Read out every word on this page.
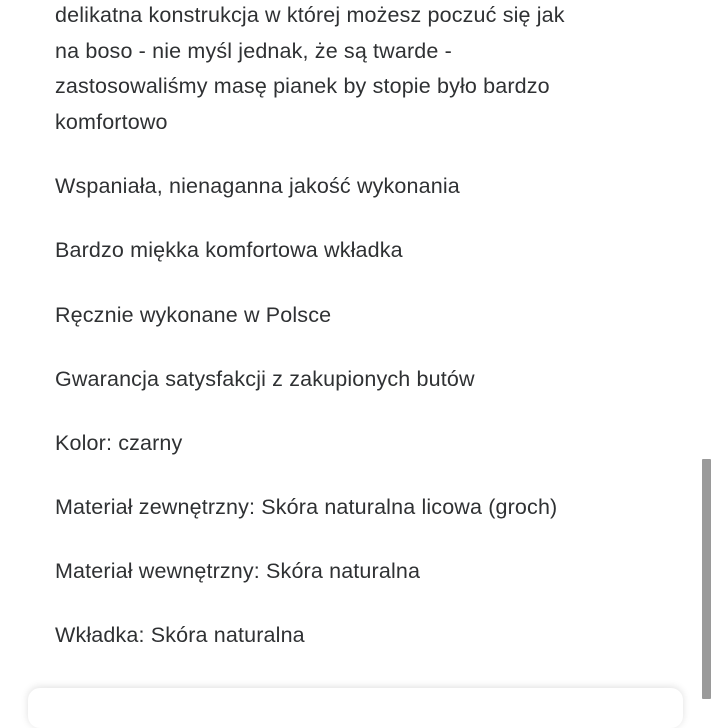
delikatna konstrukcja w której możesz poczuć się jak
na boso - nie myśl jednak, że są twarde -
zastosowaliśmy masę pianek by stopie było bardzo
komfortowo

Wspaniała, nienaganna jakość wykonania

Bardzo miękka komfortowa wkładka

Ręcznie wykonane w Polsce

Gwarancja satysfakcji z zakupionych butów

Kolor: czarny

Materiał zewnętrzny: Skóra naturalna licowa (groch)

Materiał wewnętrzny: Skóra naturalna

Wkładka: Skóra naturalna
